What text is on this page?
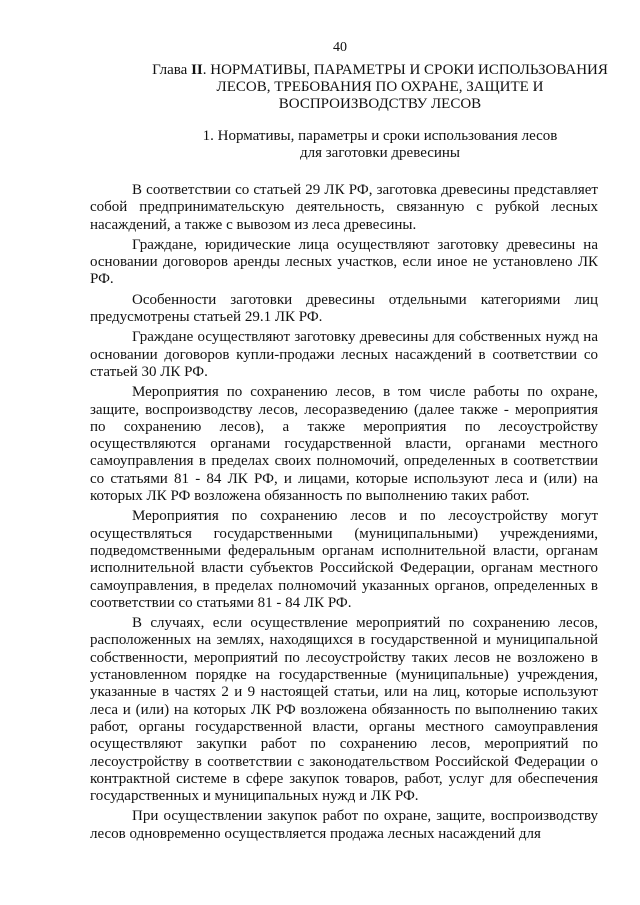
40
Глава II. НОРМАТИВЫ, ПАРАМЕТРЫ И СРОКИ ИСПОЛЬЗОВАНИЯ
ЛЕСОВ, ТРЕБОВАНИЯ ПО ОХРАНЕ, ЗАЩИТЕ И
ВОСПРОИЗВОДСТВУ ЛЕСОВ
1. Нормативы, параметры и сроки использования лесов
для заготовки древесины

В соответствии со статьей 29 ЛК РФ, заготовка древесины представляет собой предпринимательскую деятельность, связанную с рубкой лесных насаждений, а также с вывозом из леса древесины.

Граждане, юридические лица осуществляют заготовку древесины на основании договоров аренды лесных участков, если иное не установлено ЛК РФ.

Особенности заготовки древесины отдельными категориями лиц предусмотрены статьей 29.1 ЛК РФ.

Граждане осуществляют заготовку древесины для собственных нужд на основании договоров купли-продажи лесных насаждений в соответствии со статьей 30 ЛК РФ.

Мероприятия по сохранению лесов, в том числе работы по охране, защите, воспроизводству лесов, лесоразведению (далее также - мероприятия по сохранению лесов), а также мероприятия по лесоустройству осуществляются органами государственной власти, органами местного самоуправления в пределах своих полномочий, определенных в соответствии со статьями 81 - 84 ЛК РФ, и лицами, которые используют леса и (или) на которых ЛК РФ возложена обязанность по выполнению таких работ.

Мероприятия по сохранению лесов и по лесоустройству могут осуществляться государственными (муниципальными) учреждениями, подведомственными федеральным органам исполнительной власти, органам исполнительной власти субъектов Российской Федерации, органам местного самоуправления, в пределах полномочий указанных органов, определенных в соответствии со статьями 81 - 84 ЛК РФ.

В случаях, если осуществление мероприятий по сохранению лесов, расположенных на землях, находящихся в государственной и муниципальной собственности, мероприятий по лесоустройству таких лесов не возложено в установленном порядке на государственные (муниципальные) учреждения, указанные в частях 2 и 9 настоящей статьи, или на лиц, которые используют леса и (или) на которых ЛК РФ возложена обязанность по выполнению таких работ, органы государственной власти, органы местного самоуправления осуществляют закупки работ по сохранению лесов, мероприятий по лесоустройству в соответствии с законодательством Российской Федерации о контрактной системе в сфере закупок товаров, работ, услуг для обеспечения государственных и муниципальных нужд и ЛК РФ.

При осуществлении закупок работ по охране, защите, воспроизводству лесов одновременно осуществляется продажа лесных насаждений для
